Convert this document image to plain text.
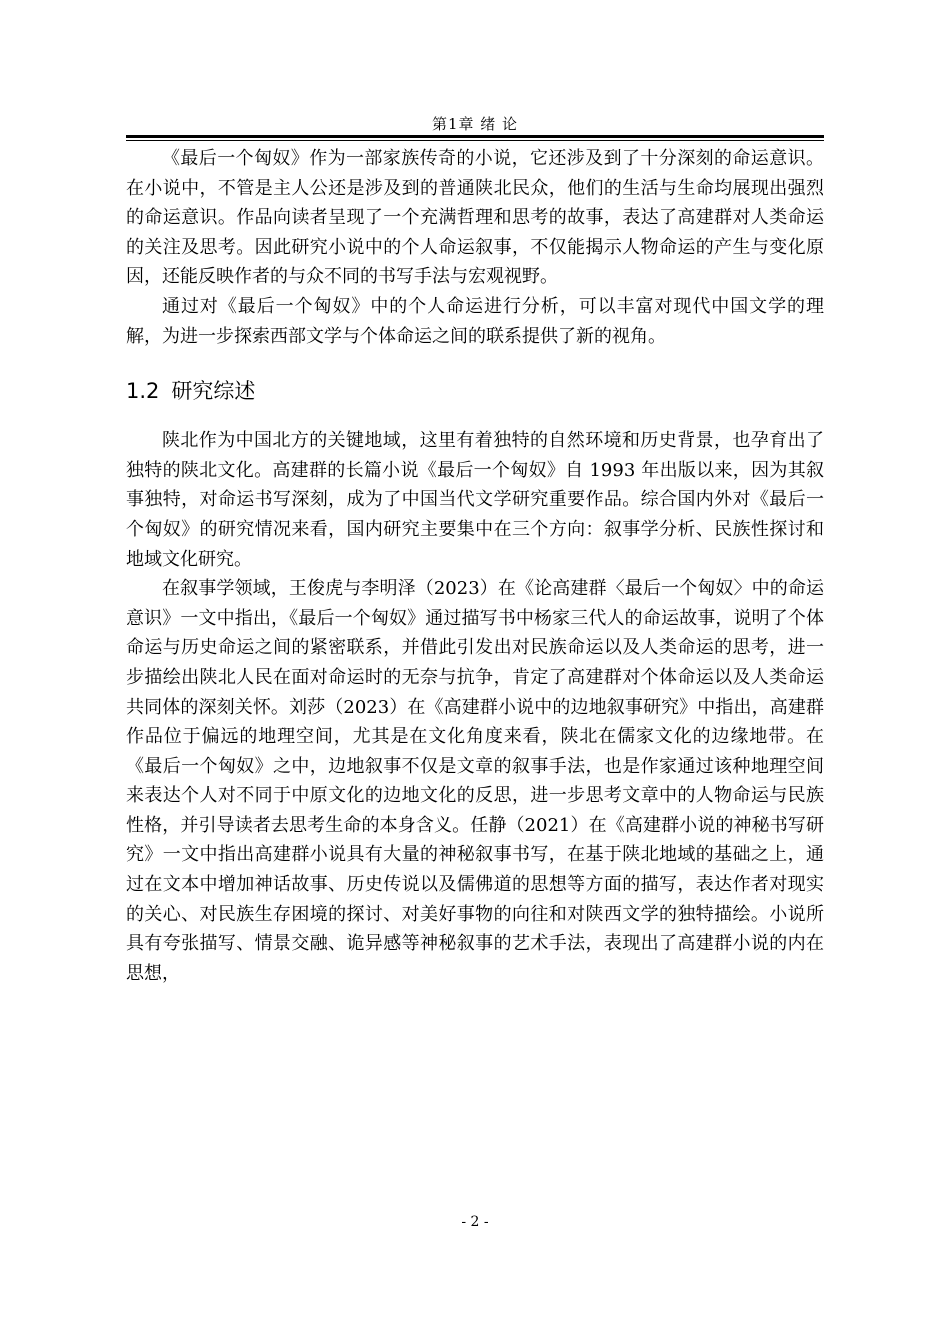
第1章 绪 论

《最后一个匈奴》作为一部家族传奇的小说，它还涉及到了十分深刻的命运意识。在小说中，不管是主人公还是涉及到的普通陕北民众，他们的生活与生命均展现出强烈的命运意识。作品向读者呈现了一个充满哲理和思考的故事，表达了高建群对人类命运的关注及思考。因此研究小说中的个人命运叙事，不仅能揭示人物命运的产生与变化原因，还能反映作者的与众不同的书写手法与宏观视野。

通过对《最后一个匈奴》中的个人命运进行分析，可以丰富对现代中国文学的理解，为进一步探索西部文学与个体命运之间的联系提供了新的视角。

1.2 研究综述

陕北作为中国北方的关键地域，这里有着独特的自然环境和历史背景，也孕育出了独特的陕北文化。高建群的长篇小说《最后一个匈奴》自 1993 年出版以来，因为其叙事独特，对命运书写深刻，成为了中国当代文学研究重要作品。综合国内外对《最后一个匈奴》的研究情况来看，国内研究主要集中在三个方向：叙事学分析、民族性探讨和地域文化研究。

在叙事学领域，王俊虎与李明泽（2023）在《论高建群〈最后一个匈奴〉中的命运意识》一文中指出，《最后一个匈奴》通过描写书中杨家三代人的命运故事，说明了个体命运与历史命运之间的紧密联系，并借此引发出对民族命运以及人类命运的思考，进一步描绘出陕北人民在面对命运时的无奈与抗争，肯定了高建群对个体命运以及人类命运共同体的深刻关怀。刘莎（2023）在《高建群小说中的边地叙事研究》中指出，高建群作品位于偏远的地理空间，尤其是在文化角度来看，陕北在儒家文化的边缘地带。在《最后一个匈奴》之中，边地叙事不仅是文章的叙事手法，也是作家通过该种地理空间来表达个人对不同于中原文化的边地文化的反思，进一步思考文章中的人物命运与民族性格，并引导读者去思考生命的本身含义。任静（2021）在《高建群小说的神秘书写研究》一文中指出高建群小说具有大量的神秘叙事书写，在基于陕北地域的基础之上，通过在文本中增加神话故事、历史传说以及儒佛道的思想等方面的描写，表达作者对现实的关心、对民族生存困境的探讨、对美好事物的向往和对陕西文学的独特描绘。小说所具有夸张描写、情景交融、诡异感等神秘叙事的艺术手法，表现出了高建群小说的内在思想，

- 2 -
